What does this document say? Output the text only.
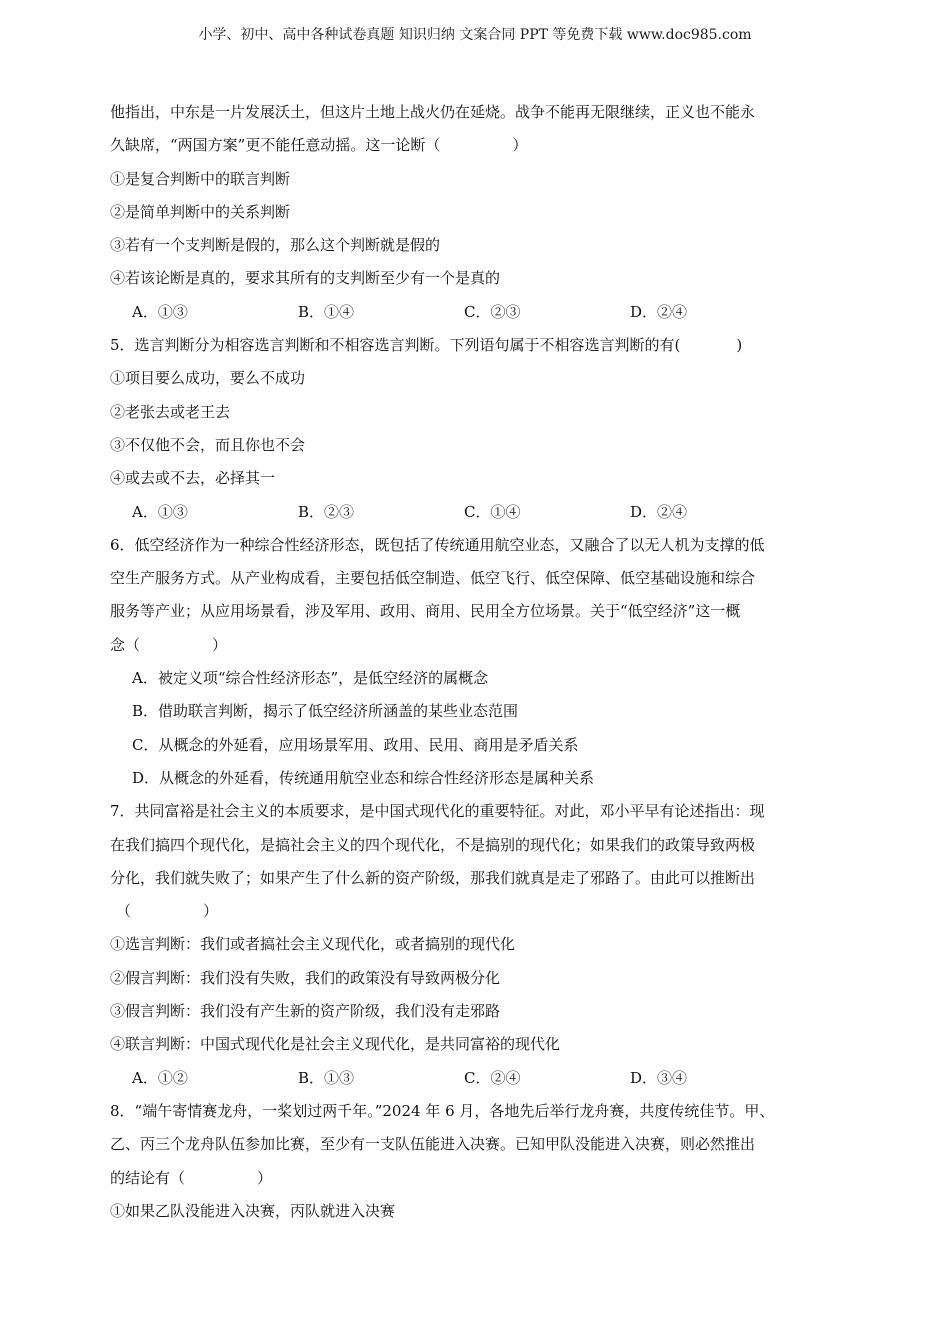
小学、初中、高中各种试卷真题 知识归纳 文案合同 PPT 等免费下载 www.doc985.com
他指出，中东是一片发展沃土，但这片土地上战火仍在延烧。战争不能再无限继续，正义也不能永
久缺席，“两国方案”更不能任意动摇。这一论断（	）
①是复合判断中的联言判断
②是简单判断中的关系判断
③若有一个支判断是假的，那么这个判断就是假的
④若该论断是真的，要求其所有的支判断至少有一个是真的
A．①③	B．①④	C．②③	D．②④
5．选言判断分为相容选言判断和不相容选言判断。下列语句属于不相容选言判断的有(	)
①项目要么成功，要么不成功
②老张去或老王去
③不仅他不会，而且你也不会
④或去或不去，必择其一
A．①③	B．②③	C．①④	D．②④
6．低空经济作为一种综合性经济形态，既包括了传统通用航空业态，又融合了以无人机为支撑的低
空生产服务方式。从产业构成看，主要包括低空制造、低空飞行、低空保障、低空基础设施和综合
服务等产业；从应用场景看，涉及军用、政用、商用、民用全方位场景。关于“低空经济”这一概
念（	）
A．被定义项“综合性经济形态”，是低空经济的属概念
B．借助联言判断，揭示了低空经济所涵盖的某些业态范围
C．从概念的外延看，应用场景军用、政用、民用、商用是矛盾关系
D．从概念的外延看，传统通用航空业态和综合性经济形态是属种关系
7．共同富裕是社会主义的本质要求，是中国式现代化的重要特征。对此，邓小平早有论述指出：现
在我们搞四个现代化，是搞社会主义的四个现代化，不是搞别的现代化；如果我们的政策导致两极
分化，我们就失败了；如果产生了什么新的资产阶级，那我们就真是走了邪路了。由此可以推断出
（	）
①选言判断：我们或者搞社会主义现代化，或者搞别的现代化
②假言判断：我们没有失败，我们的政策没有导致两极分化
③假言判断：我们没有产生新的资产阶级，我们没有走邪路
④联言判断：中国式现代化是社会主义现代化，是共同富裕的现代化
A．①②	B．①③	C．②④	D．③④
8．“端午寄情赛龙舟，一桨划过两千年。”2024 年 6 月，各地先后举行龙舟赛，共度传统佳节。甲、
乙、丙三个龙舟队伍参加比赛，至少有一支队伍能进入决赛。已知甲队没能进入决赛，则必然推出
的结论有（	）
①如果乙队没能进入决赛，丙队就进入决赛
